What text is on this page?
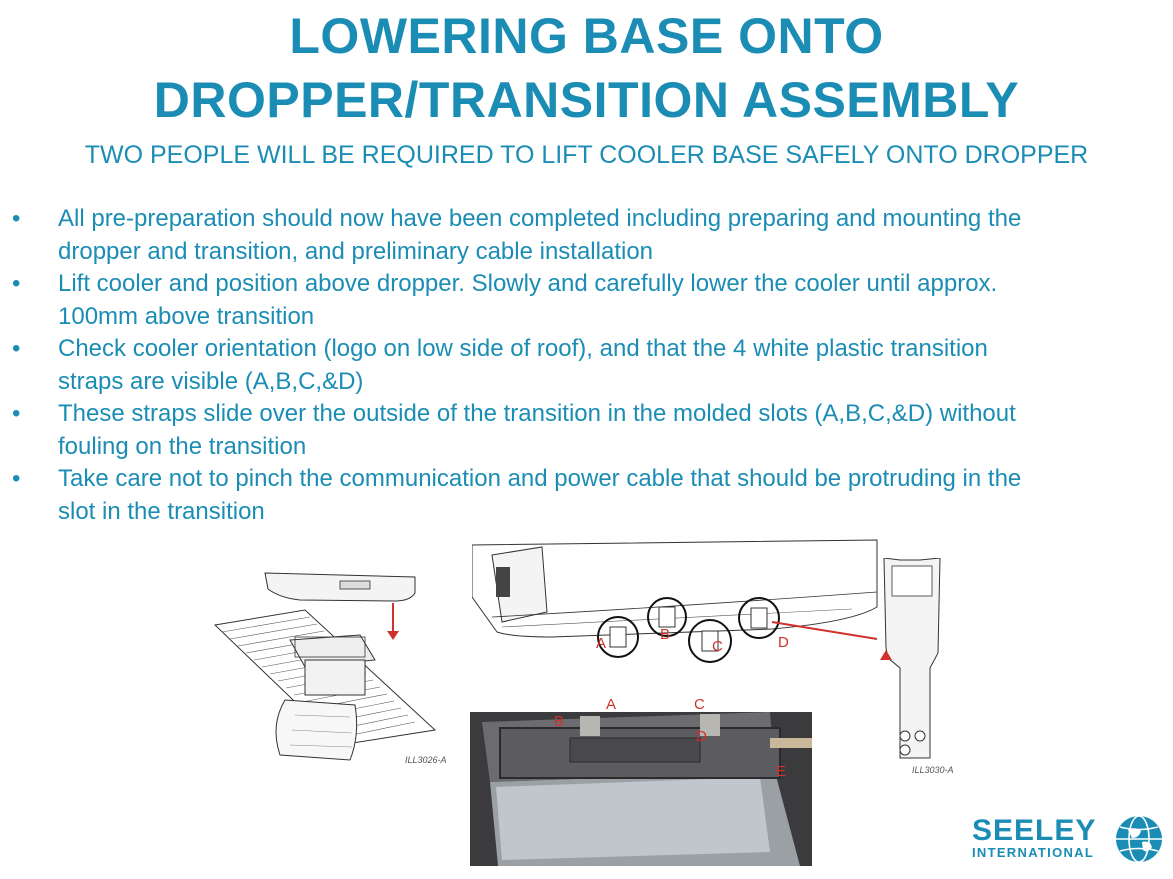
LOWERING BASE ONTO
DROPPER/TRANSITION ASSEMBLY
TWO PEOPLE WILL BE REQUIRED TO LIFT COOLER BASE SAFELY ONTO DROPPER
•	All pre-preparation should now have been completed including preparing and mounting the
dropper and transition, and preliminary cable installation
•	Lift cooler and position above dropper. Slowly and carefully lower the cooler until approx.
100mm above transition
•	Check cooler orientation (logo on low side of roof), and that the 4 white plastic transition
straps are visible (A,B,C,&D)
•	These straps slide over the outside of the transition in the molded slots (A,B,C,&D) without
fouling on the transition
•	Take care not to pinch the communication and power cable that should be protruding in the
slot in the transition
ILL3026-A
A
B
C	D
ILL3030-A
A
B
C
D
E
SEELEY
INTERNATIONAL
